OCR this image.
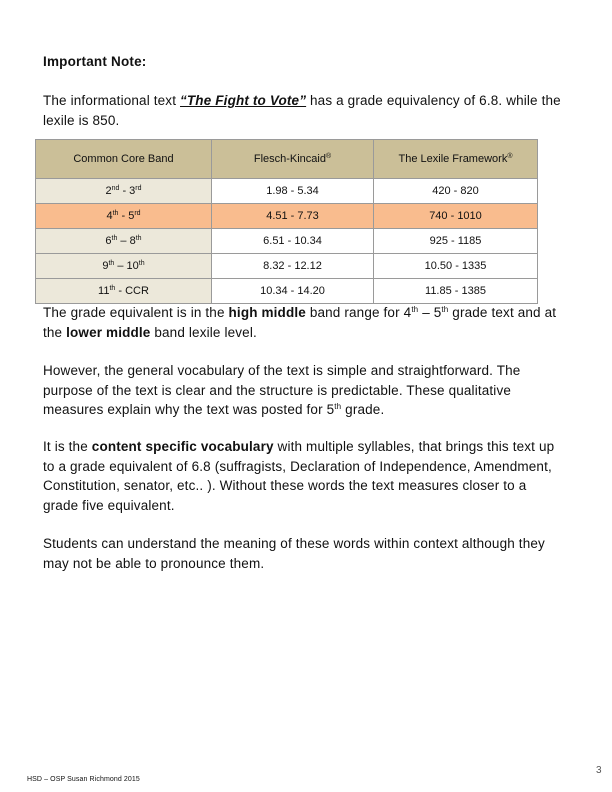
Important Note:
The informational text “The Fight to Vote” has a grade equivalency of 6.8. while the lexile is 850.
Common Core Band	Flesch-Kincaid®	The Lexile Framework®
2nd - 3rd	1.98 - 5.34	420 - 820
4th - 5rd	4.51 - 7.73	740 - 1010
6th – 8th	6.51 - 10.34	925 - 1185
9th – 10th	8.32 - 12.12	10.50 - 1335
11th - CCR	10.34 - 14.20	11.85 - 1385
The grade equivalent is in the high middle band range for 4th – 5th grade text and at the lower middle band lexile level.
However, the general vocabulary of the text is simple and straightforward. The purpose of the text is clear and the structure is predictable. These qualitative measures explain why the text was posted for 5th grade.
It is the content specific vocabulary with multiple syllables, that brings this text up to a grade equivalent of 6.8 (suffragists, Declaration of Independence, Amendment, Constitution, senator, etc.. ). Without these words the text measures closer to a grade five equivalent.
Students can understand the meaning of these words within context although they may not be able to pronounce them.
HSD – OSP Susan Richmond 2015
3
